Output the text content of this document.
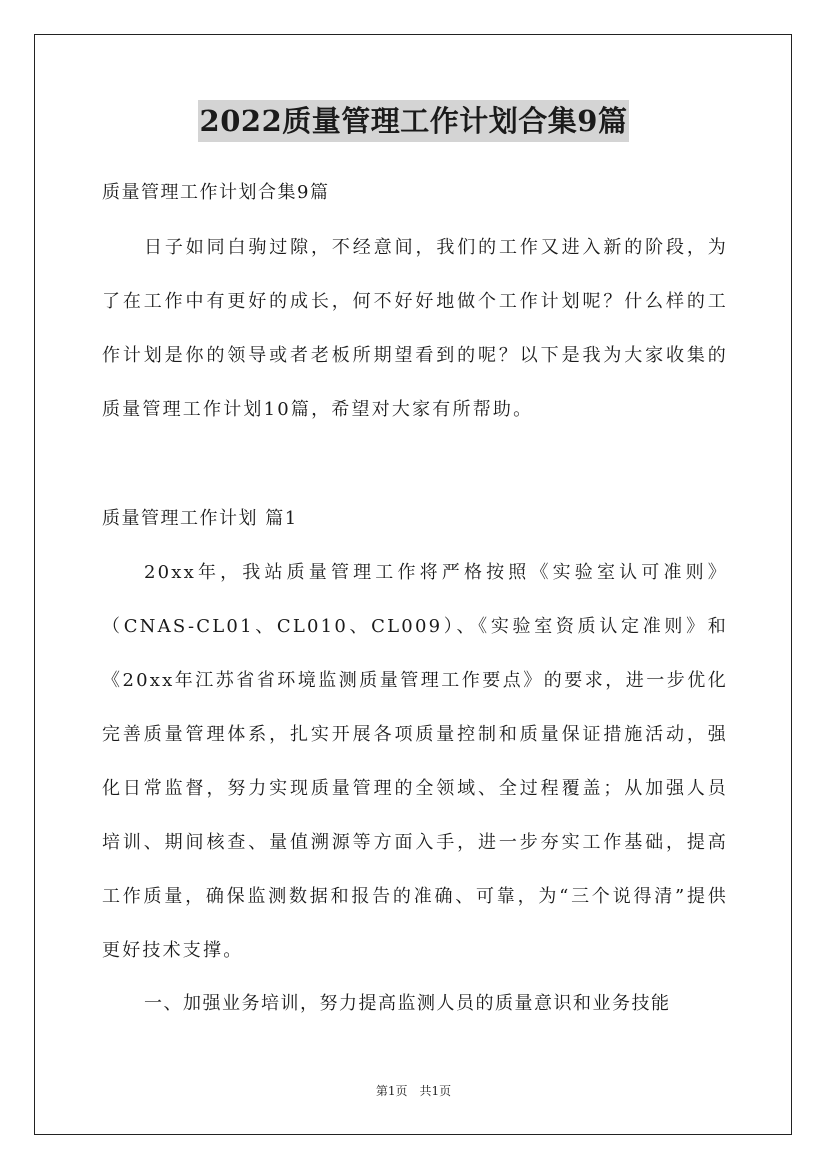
2022质量管理工作计划合集9篇
质量管理工作计划合集9篇
日子如同白驹过隙，不经意间，我们的工作又进入新的阶段，为了在工作中有更好的成长，何不好好地做个工作计划呢？什么样的工作计划是你的领导或者老板所期望看到的呢？以下是我为大家收集的质量管理工作计划10篇，希望对大家有所帮助。
质量管理工作计划 篇1
20xx年，我站质量管理工作将严格按照《实验室认可准则》（CNAS-CL01、CL010、CL009）、《实验室资质认定准则》和《20xx年江苏省省环境监测质量管理工作要点》的要求，进一步优化完善质量管理体系，扎实开展各项质量控制和质量保证措施活动，强化日常监督，努力实现质量管理的全领域、全过程覆盖；从加强人员培训、期间核查、量值溯源等方面入手，进一步夯实工作基础，提高工作质量，确保监测数据和报告的准确、可靠，为“三个说得清”提供更好技术支撑。
一、加强业务培训，努力提高监测人员的质量意识和业务技能
第1页　共1页
